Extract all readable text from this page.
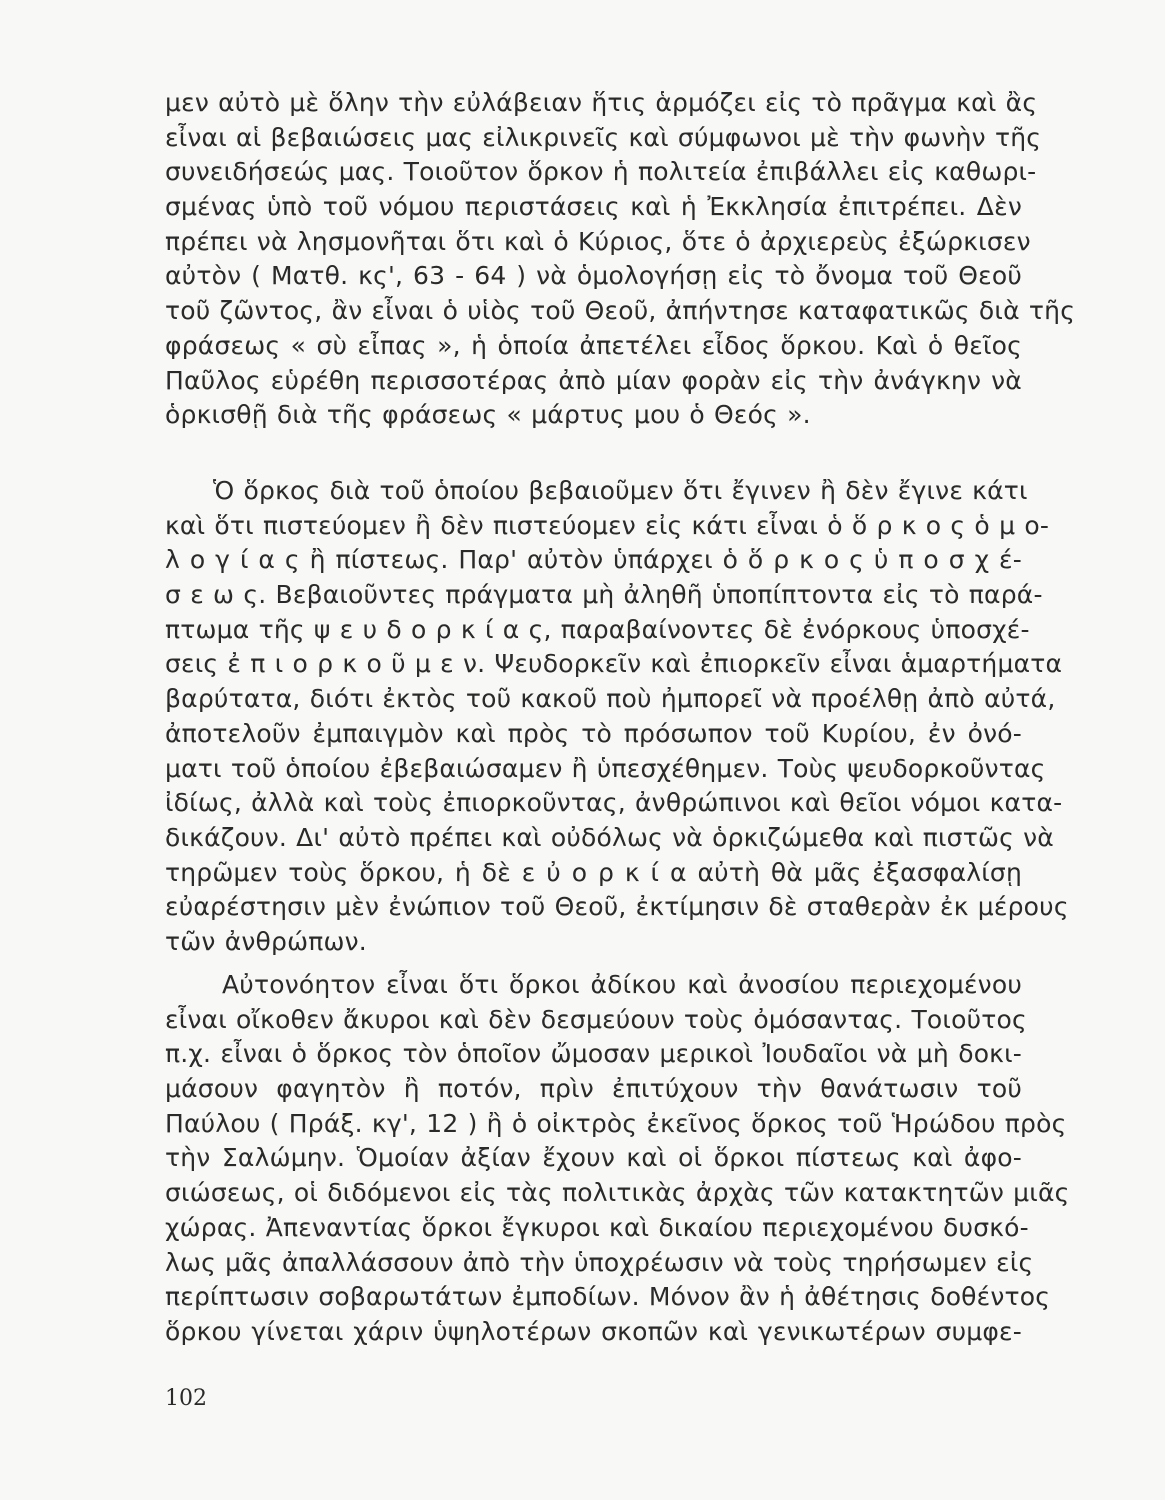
μεν αὐτὸ μὲ ὅλην τὴν εὐλάβειαν ἥτις ἁρμόζει εἰς τὸ πρᾶγμα καὶ ἂς
εἶναι αἱ βεβαιώσεις μας εἰλικρινεῖς καὶ σύμφωνοι μὲ τὴν φωνὴν τῆς
συνειδήσεώς μας. Τοιοῦτον ὅρκον ἡ πολιτεία ἐπιβάλλει εἰς καθωρι-
σμένας ὑπὸ τοῦ νόμου περιστάσεις καὶ ἡ Ἐκκλησία ἐπιτρέπει. Δὲν
πρέπει νὰ λησμονῆται ὅτι καὶ ὁ Κύριος, ὅτε ὁ ἀρχιερεὺς ἐξώρκισεν
αὐτὸν ( Ματθ. κς', 63 - 64 ) νὰ ὁμολογήσῃ εἰς τὸ ὄνομα τοῦ Θεοῦ
τοῦ ζῶντος, ἂν εἶναι ὁ υἱὸς τοῦ Θεοῦ, ἀπήντησε καταφατικῶς διὰ τῆς
φράσεως « σὺ εἶπας », ἡ ὁποία ἀπετέλει εἶδος ὅρκου. Καὶ ὁ θεῖος
Παῦλος εὑρέθη περισσοτέρας ἀπὸ μίαν φορὰν εἰς τὴν ἀνάγκην νὰ
ὁρκισθῇ διὰ τῆς φράσεως « μάρτυς μου ὁ Θεός ».
Ὁ ὅρκος διὰ τοῦ ὁποίου βεβαιοῦμεν ὅτι ἔγινεν ἢ δὲν ἔγινε κάτι
καὶ ὅτι πιστεύομεν ἢ δὲν πιστεύομεν εἰς κάτι εἶναι ὁ ὅ ρ κ ο ς ὁ μ ο-
λ ο γ ί α ς ἢ πίστεως. Παρ' αὐτὸν ὑπάρχει ὁ ὅ ρ κ ο ς ὑ π ο σ χ έ-
σ ε ω ς. Βεβαιοῦντες πράγματα μὴ ἀληθῆ ὑποπίπτοντα εἰς τὸ παρά-
πτωμα τῆς ψ ε υ δ ο ρ κ ί α ς, παραβαίνοντες δὲ ἐνόρκους ὑποσχέ-
σεις ἐ π ι ο ρ κ ο ῦ μ ε ν. Ψευδορκεῖν καὶ ἐπιορκεῖν εἶναι ἁμαρτήματα
βαρύτατα, διότι ἐκτὸς τοῦ κακοῦ ποὺ ἠμπορεῖ νὰ προέλθῃ ἀπὸ αὐτά,
ἀποτελοῦν ἐμπαιγμὸν καὶ πρὸς τὸ πρόσωπον τοῦ Κυρίου, ἐν ὀνό-
ματι τοῦ ὁποίου ἐβεβαιώσαμεν ἢ ὑπεσχέθημεν. Τοὺς ψευδορκοῦντας
ἰδίως, ἀλλὰ καὶ τοὺς ἐπιορκοῦντας, ἀνθρώπινοι καὶ θεῖοι νόμοι κατα-
δικάζουν. Δι' αὐτὸ πρέπει καὶ οὐδόλως νὰ ὁρκιζώμεθα καὶ πιστῶς νὰ
τηρῶμεν τοὺς ὅρκου, ἡ δὲ ε ὐ ο ρ κ ί α αὐτὴ θὰ μᾶς ἐξασφαλίσῃ
εὐαρέστησιν μὲν ἐνώπιον τοῦ Θεοῦ, ἐκτίμησιν δὲ σταθερὰν ἐκ μέρους
τῶν ἀνθρώπων.
Αὐτονόητον εἶναι ὅτι ὅρκοι ἀδίκου καὶ ἀνοσίου περιεχομένου
εἶναι οἴκοθεν ἄκυροι καὶ δὲν δεσμεύουν τοὺς ὀμόσαντας. Τοιοῦτος
π.χ. εἶναι ὁ ὅρκος τὸν ὁποῖον ὤμοσαν μερικοὶ Ἰουδαῖοι νὰ μὴ δοκι-
μάσουν φαγητὸν ἢ ποτόν, πρὶν ἐπιτύχουν τὴν θανάτωσιν τοῦ
Παύλου ( Πράξ. κγ', 12 ) ἢ ὁ οἰκτρὸς ἐκεῖνος ὅρκος τοῦ Ἡρώδου πρὸς
τὴν Σαλώμην. Ὁμοίαν ἀξίαν ἔχουν καὶ οἱ ὅρκοι πίστεως καὶ ἀφο-
σιώσεως, οἱ διδόμενοι εἰς τὰς πολιτικὰς ἀρχὰς τῶν κατακτητῶν μιᾶς
χώρας. Ἀπεναντίας ὅρκοι ἔγκυροι καὶ δικαίου περιεχομένου δυσκό-
λως μᾶς ἀπαλλάσσουν ἀπὸ τὴν ὑποχρέωσιν νὰ τοὺς τηρήσωμεν εἰς
περίπτωσιν σοβαρωτάτων ἐμποδίων. Μόνον ἂν ἡ ἀθέτησις δοθέντος
ὅρκου γίνεται χάριν ὑψηλοτέρων σκοπῶν καὶ γενικωτέρων συμφε-
102
